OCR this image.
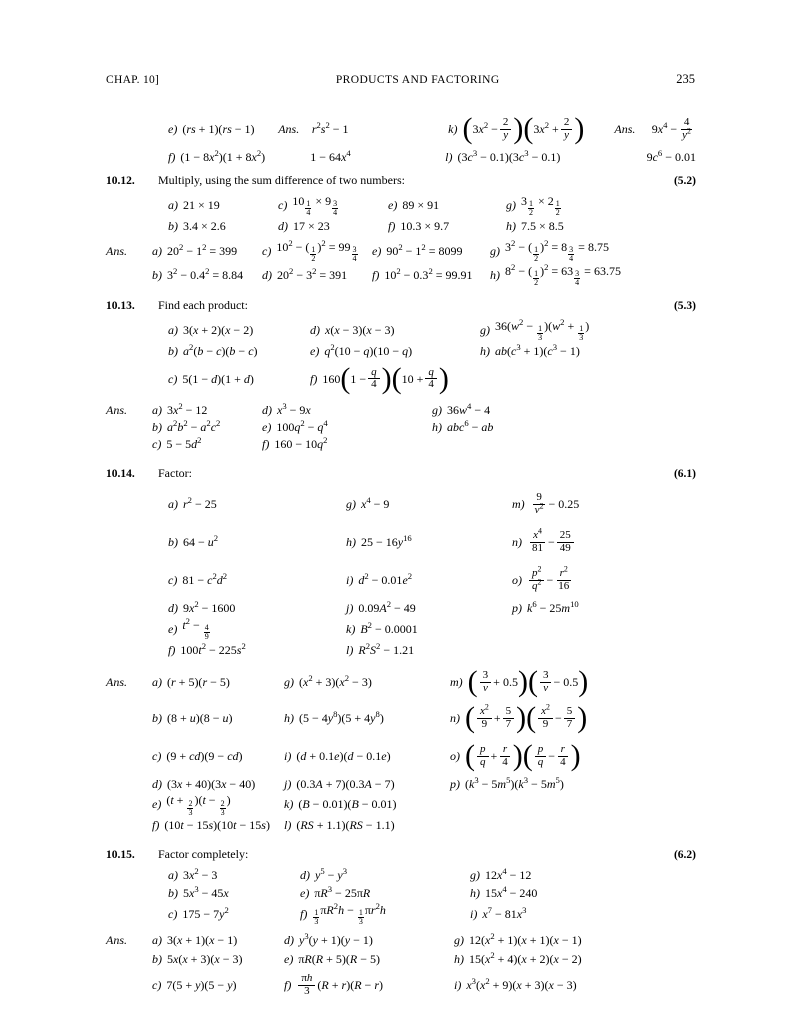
CHAP. 10]	PRODUCTS AND FACTORING	235
e) (rs + 1)(rs − 1) Ans. $r^2s^2 - 1$	k) ( $3x^2 - \frac{2}{y}$ ) ( $3x^2 + \frac{2}{y}$ )	Ans. $9x^4 - \frac{4}{y^2}$
f) $(1 - 8x^2)(1 + 8x^2)$	$1 - 64x^4$	l) $(3c^3 - 0.1)(3c^3 - 0.1)$	$9c^6 - 0.01$
10.12.	Multiply, using the sum difference of two numbers:	(5.2)
a) 21 × 19	c) $10 \frac{1}{4} \times 9 \frac{3}{4}$	e) 89 × 91	g) $3 \frac{1}{2} \times 2 \frac{1}{2}$
b) 3.4 × 2.6	d) 17 × 23	f) 10.3 × 9.7	h) 7.5 × 8.5
Ans.	a) $20^2 - 1^2 = 399$ c) $10^2$ − ( $\frac{1}{2} )^2 = 99 \frac{3}{4} e$) $90^2 - 1^2 = 8099$ g) $3^2$ − ( $\frac{1}{2} )^2 = 8 \frac{3}{4} = 8.75$
b) $3^2 - 0.4^2 = 8.84$ d) $20^2 - 3^2 = 391$ f) $10^2 - 0.3^2 = 99.91$ h) $8^2$ − ( $\frac{1}{2} )^2 = 63 \frac{3}{4} = 63.75$
10.13.	Find each product:	(5.3)
a) 3(x + 2)(x − 2)	d) x(x − 3)(x − 3)	g) $36(w^2 - \frac{1}{3} )(w^2 + \frac{1}{3}$ )
b) $a^2(b - c)(b - c)$	e) $q^2(10 - q)(10 - q)$	h) $ab(c^3 + 1)(c^3 - 1)$
c) 5(1 − d)(1 + d)	f) 160 ( $1 - \frac{q}{4}$ ) ( $10 + \frac{q}{4}$ )
Ans.	a) $3x^2 - 12$	d) $x^3 - 9x$	g) $36w^4 - 4$
b) $a^2b^2 - a^2c^2$	e) $100q^2 - q^4$	h) abc$^6$ − ab
c) $5 - 5d^2$	f) $160 - 10q^2$
10.14.	Factor:	(6.1)
a) $r^2 - 25$	g) $x^4 - 9$	$m) \frac{9}{v^2} - 0.25$
b) $64 - u^2$	h) $25 - 16y^{16}$	$n) \frac{x^4}{81} - \frac{25}{49}$
c) $81 - c^2d^2$	i) $d^2 - 0.01e^2$	$o) \frac{p^2}{q^2} - \frac{r^2}{16}$
d) $9x^2 - 1600$	j) $0.09A^2 - 49$	p) $k^6 - 25m^{10}$
e) $t^2 - \frac{4}{9}$	k) $B^2 - 0.0001$
f) $100t^2 - 225s^2$	l) $R^2S^2 - 1.21$
Ans.	a) (r + 5)(r − 5)	g) $(x^2 + 3)(x^2 - 3)$	m) ( $\frac{3}{v} + 0.5$ ) ( $\frac{3}{v} - 0.5$ )
b) (8 + u)(8 − u)	h) $(5 - 4y^8)(5 + 4y^8)$	n) ( $\frac{x^2}{9} + \frac{5}{7}$ ) ( $\frac{x^2}{9} - \frac{5}{7}$ )
c) (9 + cd)(9 − cd)	i) (d + 0.1e)(d − 0.1e)	o) ( $\frac{p}{q} + \frac{r}{4}$ ) ( $\frac{p}{q} - \frac{r}{4}$ )
d) (3x + 40)(3x − 40) j) (0.3A + 7)(0.3A − 7)	p) $(k^3 - 5m^5)(k^3 - 5m^5)$
e) $(t + \frac{2}{3} )(t - \frac{2}{3}$ )	k) (B − 0.01)(B − 0.01)
f) (10t − 15s)(10t − 15s) l) (RS + 1.1)(RS − 1.1)
10.15.	Factor completely:	(6.2)
a) $3x^2 - 3$	d) $y^5 - y^3$	g) $12x^4 - 12$
b) $5x^3 - 45x$	e) $\pi R^3 - 25\pi R$	h) $15x^4 - 240$
c) $175 - 7y^2$	$f) \frac{1}{3} \pi R^2h - \frac{1}{3} \pi r^2h$	i) $x^7 - 81x^3$
Ans.	a) 3(x + 1)(x − 1)	d) $y^3(y + 1)(y - 1)$	g) $12(x^2 + 1)(x + 1)(x - 1)$
b) 5x(x + 3)(x − 3)	e) πR(R + 5)(R − 5)	h) $15(x^2 + 4)(x + 2)(x - 2)$
c) 7(5 + y)(5 − y)	$f) \frac{\pi h}{3} (R + r)(R - r)$	i) $x^3(x^2 + 9)(x + 3)(x - 3)$
